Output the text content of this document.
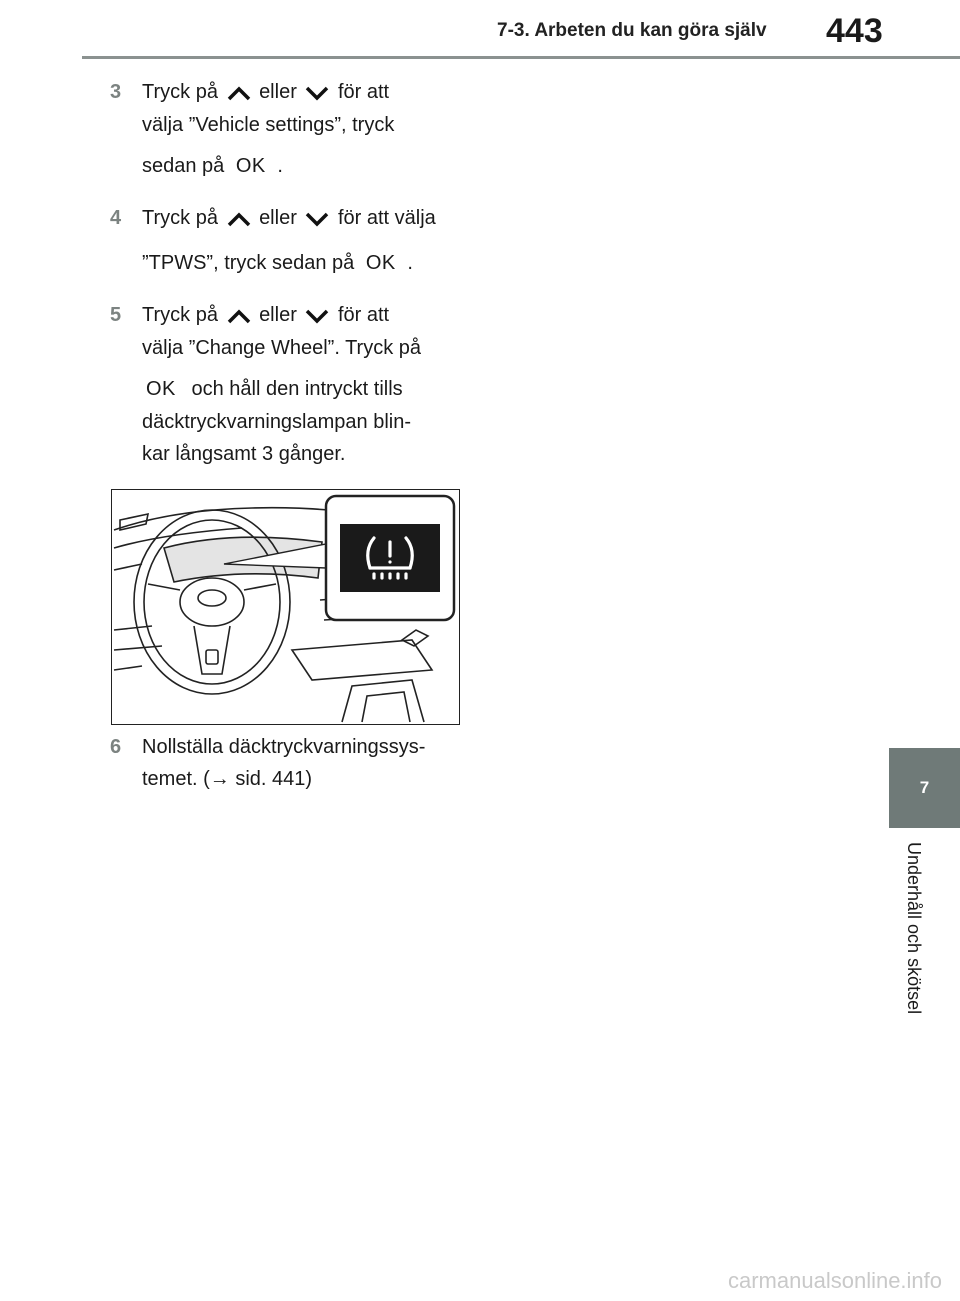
7-3. Arbeten du kan göra själv 443
3 Tryck på eller för att
välja ”Vehicle settings”, tryck
sedan på OK .
4 Tryck på eller för att välja
”TPWS”, tryck sedan på OK .
5 Tryck på eller för att
välja ”Change Wheel”. Tryck på
OK och håll den intryckt tills
däcktryckvarningslampan blin-
kar långsamt 3 gånger.
6 Nollställa däcktryckvarningssys-
temet. (→ sid. 441)	7
Underhåll och skötsel
carmanualsonline.info
